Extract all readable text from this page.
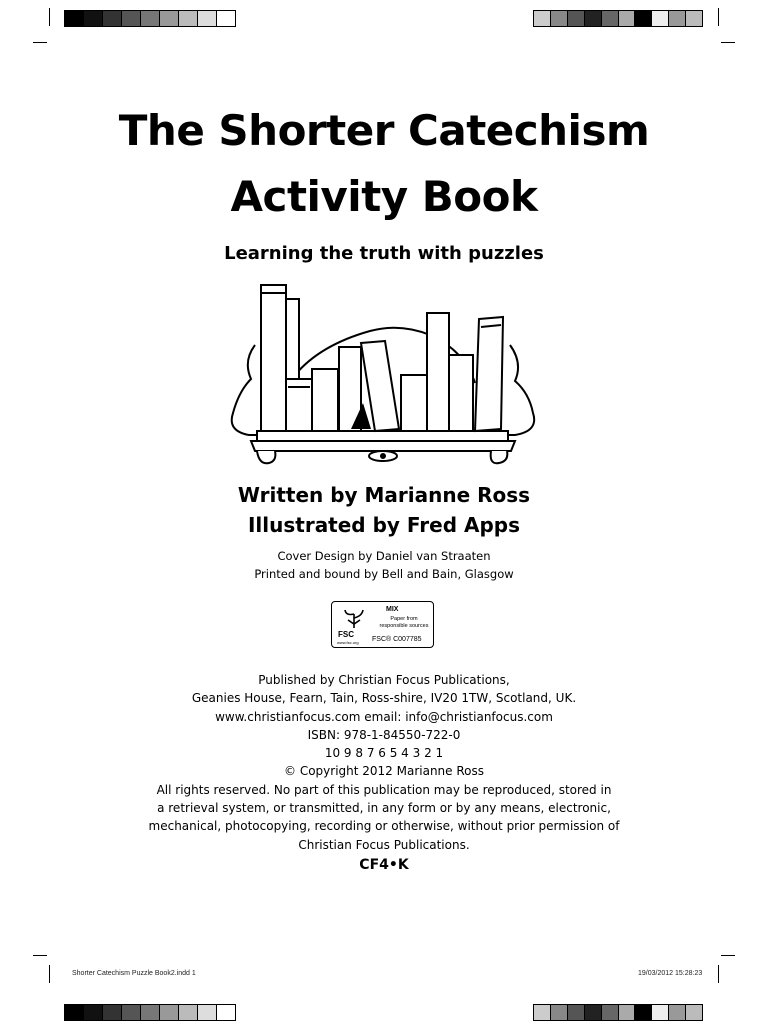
The Shorter Catechism
Activity Book
Learning the truth with puzzles
Written by Marianne Ross
Illustrated by Fred Apps
Cover Design by Daniel van Straaten
Printed and bound by Bell and Bain, Glasgow
FSC
www.fsc.org
MIX
Paper from
responsible sources
FSC® C007785
Published by Christian Focus Publications,
Geanies House, Fearn, Tain, Ross-shire, IV20 1TW, Scotland, UK.
www.christianfocus.com email: info@christianfocus.com
ISBN: 978-1-84550-722-0
10 9 8 7 6 5 4 3 2 1
© Copyright 2012 Marianne Ross
All rights reserved. No part of this publication may be reproduced, stored in
a retrieval system, or transmitted, in any form or by any means, electronic,
mechanical, photocopying, recording or otherwise, without prior permission of
Christian Focus Publications.
CF4•K
Shorter Catechism Puzzle Book2.indd 1	19/03/2012 15:28:23
